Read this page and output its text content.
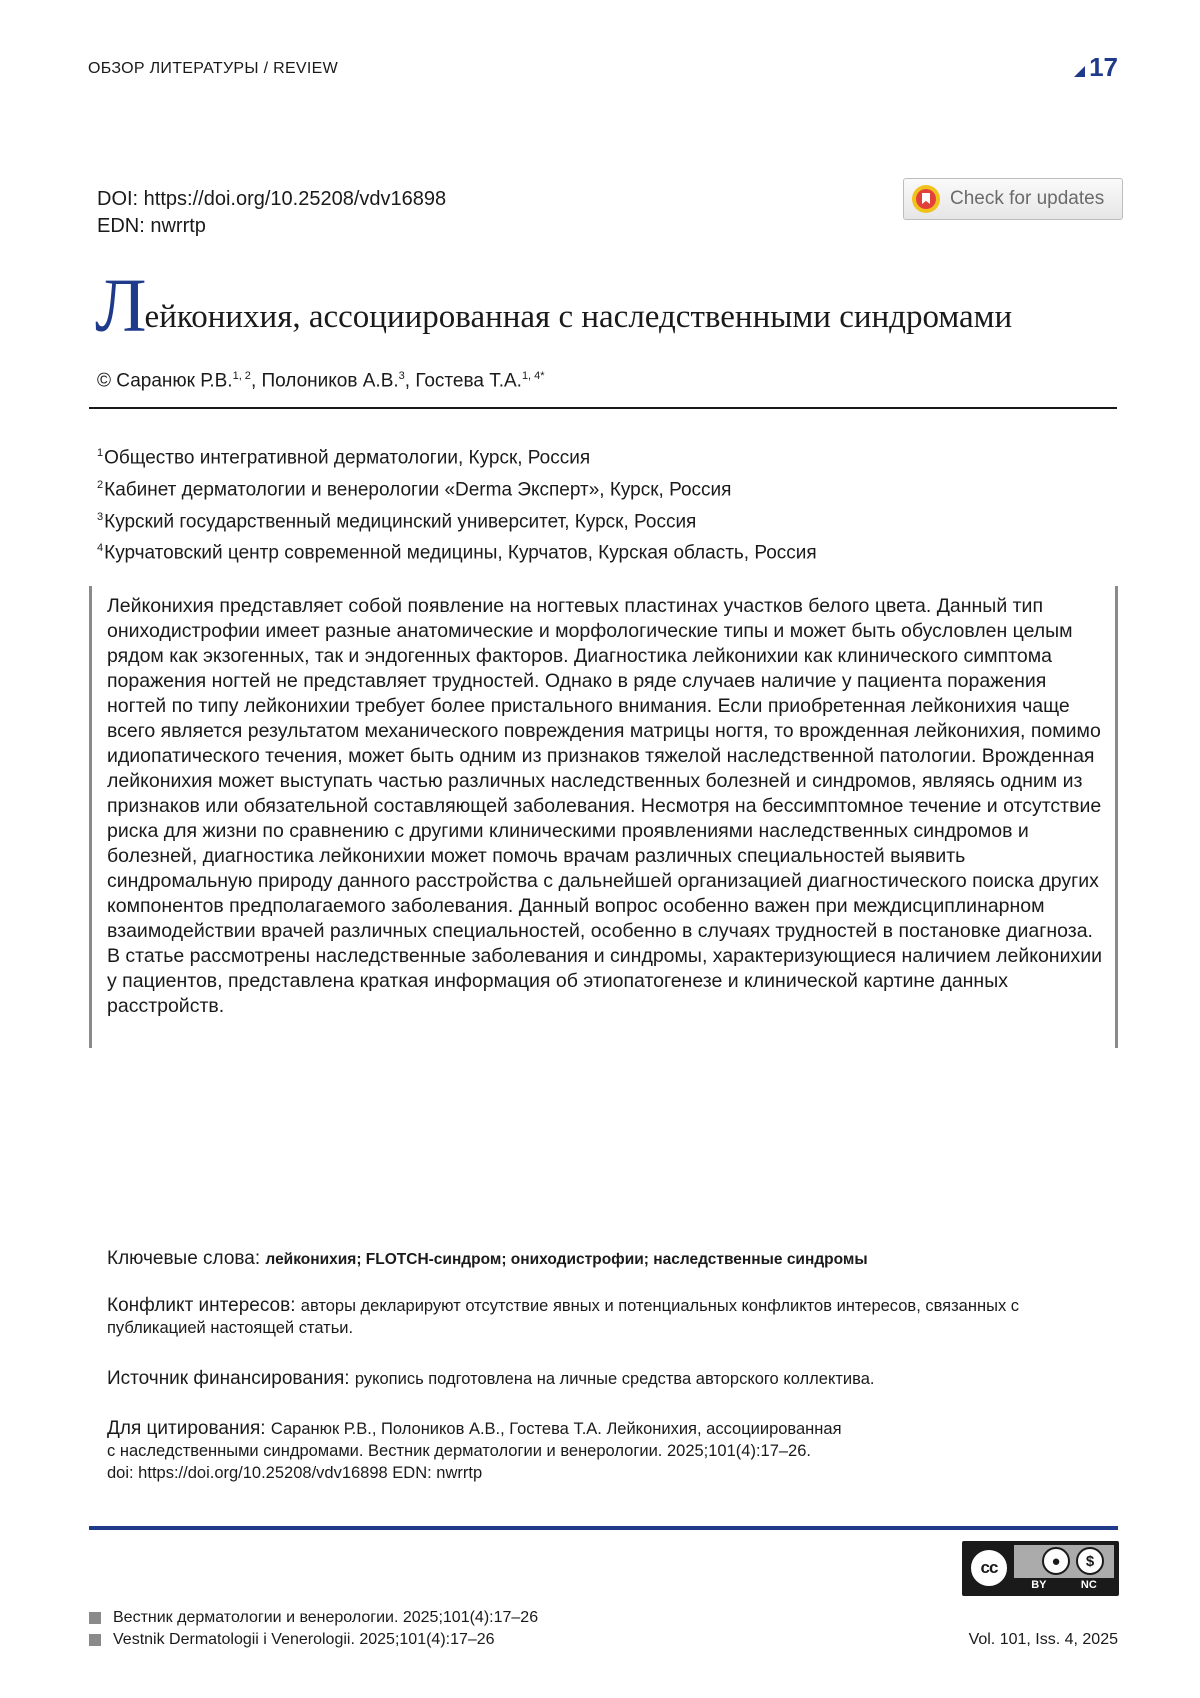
ОБЗОР ЛИТЕРАТУРЫ / REVIEW	17
DOI: https://doi.org/10.25208/vdv16898
EDN: nwrrtp
Check for updates
Лейконихия, ассоциированная с наследственными синдромами
© Саранюк Р.В.$^{1, 2}$, Полоников А.В.$^3$, Гостева Т.А.$^{1, 4*}$
$^1$Общество интегративной дерматологии, Курск, Россия
$^2$Кабинет дерматологии и венерологии «Derma Эксперт», Курск, Россия
$^3$Курский государственный медицинский университет, Курск, Россия
$^4$Курчатовский центр современной медицины, Курчатов, Курская область, Россия
Лейконихия представляет собой появление на ногтевых пластинах участков белого цвета. Данный тип ониходистрофии имеет разные анатомические и морфологические типы и может быть обусловлен целым рядом как экзогенных, так и эндогенных факторов. Диагностика лейконихии как клинического симптома поражения ногтей не представляет трудностей. Однако в ряде случаев наличие у пациента поражения ногтей по типу лейконихии требует более пристального внимания. Если приобретенная лейконихия чаще всего является результатом механического повреждения матрицы ногтя, то врожденная лейконихия, помимо идиопатического течения, может быть одним из признаков тяжелой наследственной патологии. Врожденная лейконихия может выступать частью различных наследственных болезней и синдромов, являясь одним из признаков или обязательной составляющей заболевания. Несмотря на бессимптомное течение и отсутствие риска для жизни по сравнению с другими клиническими проявлениями наследственных синдромов и болезней, диагностика лейконихии может помочь врачам различных специальностей выявить синдромальную природу данного расстройства с дальнейшей организацией диагностического поиска других компонентов предполагаемого заболевания. Данный вопрос особенно важен при междисциплинарном взаимодействии врачей различных специальностей, особенно в случаях трудностей в постановке диагноза. В статье рассмотрены наследственные заболевания и синдромы, характеризующиеся наличием лейконихии у пациентов, представлена краткая информация об этиопатогенезе и клинической картине данных расстройств.
Ключевые слова: лейконихия; FLOTCH-синдром; ониходистрофии; наследственные синдромы
Конфликт интересов: авторы декларируют отсутствие явных и потенциальных конфликтов интересов, связанных с публикацией настоящей статьи.
Источник финансирования: рукопись подготовлена на личные средства авторского коллектива.
Для цитирования: Саранюк Р.В., Полоников А.В., Гостева Т.А. Лейконихия, ассоциированная
с наследственными синдромами. Вестник дерматологии и венерологии. 2025;101(4):17–26.
doi: https://doi.org/10.25208/vdv16898 EDN: nwrrtp
cc	●	$
BY	NC
Вестник дерматологии и венерологии. 2025;101(4):17–26
Vestnik Dermatologii i Venerologii. 2025;101(4):17–26	Vol. 101, Iss. 4, 2025
